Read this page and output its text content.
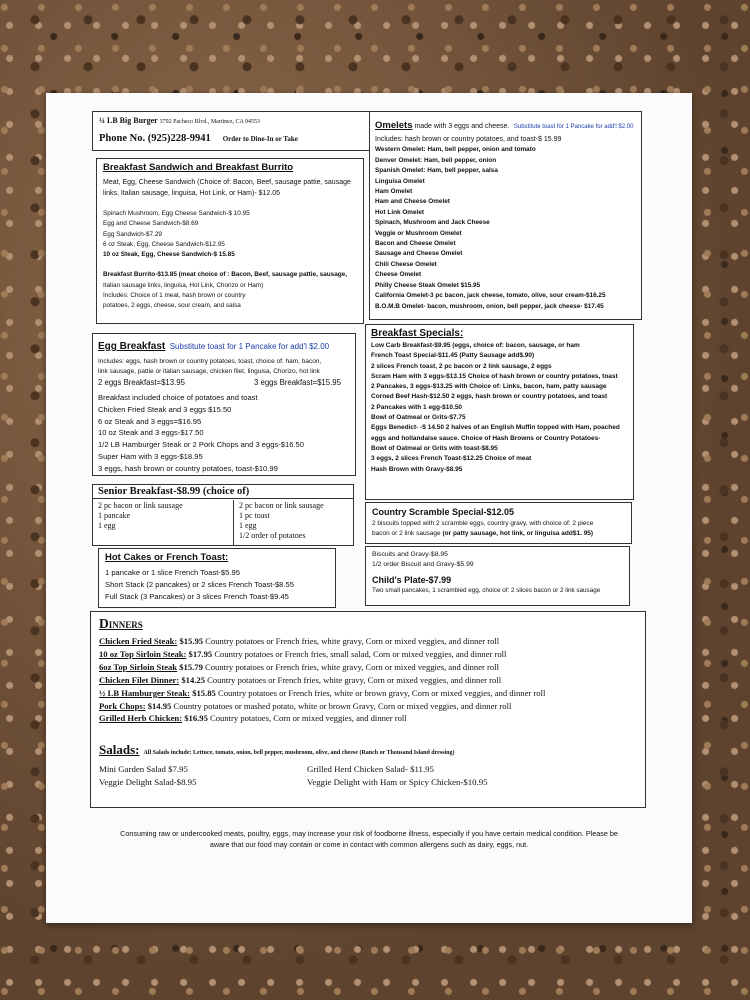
¼ LB Big Burger 3792 Pacheco Blvd., Martinez, CA 94553
Phone No. (925)228-9941 Order to Dine-In or Take
Omelets made with 3 eggs and cheese. Substitute toast for 1 Pancake for add'l $2.00
Includes: hash brown or country potatoes, and toast-$ 15.99
Western Omelet: Ham, bell pepper, onion and tomato
Denver Omelet: Ham, bell pepper, onion
Spanish Omelet: Ham, bell pepper, salsa
Linguisa Omelet
Ham Omelet
Ham and Cheese Omelet
Hot Link Omelet
Spinach, Mushroom and Jack Cheese
Veggie or Mushroom Omelet
Bacon and Cheese Omelet
Sausage and Cheese Omelet
Chili Cheese Omelet
Cheese Omelet
Philly Cheese Steak Omelet $15.95
California Omelet-3 pc bacon, jack cheese, tomato, olive, sour cream-$16.25
B.O.M.B Omelet- bacon, mushroom, onion, bell pepper, jack cheese- $17.45
Breakfast Sandwich and Breakfast Burrito
Meat, Egg, Cheese Sandwich (Choice of: Bacon, Beef, sausage pattie, sausage
links, Italian sausage, linguisa, Hot Link, or Ham)- $12.05

Spinach Mushroom, Egg Cheese Sandwich-$ 10.95
Egg and Cheese Sandwich-$8.69
Egg Sandwich-$7.29
6 oz Steak, Egg, Cheese Sandwich-$12.95
10 oz Steak, Egg, Cheese Sandwich-$ 15.85

Breakfast Burrito-$13.85 (meat choice of : Bacon, Beef, sausage pattie, sausage,
Italian sausage links, linguisa, Hot Link, Chorizo or Ham)
Includes: Choice of 1 meat, hash brown or country
potatoes, 2 eggs, cheese, sour cream, and salsa
Egg Breakfast Substitute toast for 1 Pancake for add'l $2.00
Includes: eggs, hash brown or country potatoes, toast, choice of: ham, bacon,
link sausage, pattie or italian sausage, chicken filet, linguisa, Chorizo, hot link
2 eggs Breakfast=$13.95	3 eggs Breakfast=$15.95
Breakfast included choice of potatoes and toast
Chicken Fried Steak and 3 eggs $15.50
6 oz Steak and 3 eggs=$16.95
10 oz Steak and 3 eggs-$17.50
1/2 LB Hamburger Steak or 2 Pork Chops and 3 eggs-$16.50
Super Ham with 3 eggs-$18.95
3 eggs, hash brown or country potatoes, toast-$10.99
Breakfast Specials:
Low Carb Breakfast-$9.95 (eggs, choice of: bacon, sausage, or ham
French Toast Special-$11.45 (Patty Sausage add$.90)
2 slices French toast, 2 pc bacon or 2 link sausage, 2 eggs
Scram Ham with 3 eggs-$13.15 Choice of hash brown or country potatoes, toast
2 Pancakes, 3 eggs-$13.25 with Choice of: Links, bacon, ham, patty sausage
Corned Beef Hash-$12.50 2 eggs, hash brown or country potatoes, and toast
2 Pancakes with 1 egg-$10.50
Bowl of Oatmeal or Grits-$7.75
Eggs Benedict- -$ 14.50 2 halves of an English Muffin topped with Ham, poached
eggs and hollandaise sauce. Choice of Hash Browns or Country Potatoes-
Bowl of Oatmeal or Grits with toast-$8.95
3 eggs, 2 slices French Toast-$12.25 Choice of meat
Hash Brown with Gravy-$8.95
Senior Breakfast-$8.99 (choice of)
2 pc bacon or link sausage
1 pancake
1 egg
2 pc bacon or link sausage
1 pc toast
1 egg
1/2 order of potatoes
Country Scramble Special-$12.05
2 biscuits topped with 2 scramble eggs, country gravy, with choice of: 2 piece
bacon or 2 link sausage (or patty sausage, hot link, or linguisa add$1. 95)
Hot Cakes or French Toast:
1 pancake or 1 slice French Toast-$5.95
Short Stack (2 pancakes) or 2 slices French Toast-$8.55
Full Stack (3 Pancakes) or 3 slices French Toast-$9.45
Biscuits and Gravy-$8.95
1/2 order Biscuit and Gravy-$5.99
Child's Plate-$7.99
Two small pancakes, 1 scrambled egg, choice of: 2 slices bacon or 2 link sausage
Dinners
Chicken Fried Steak: $15.95 Country potatoes or French fries, white gravy, Corn or mixed veggies, and dinner roll
10 oz Top Sirloin Steak: $17.95 Country potatoes or French fries, small salad, Corn or mixed veggies, and dinner roll
6oz Top Sirloin Steak $15.79 Country potatoes or French fries, white gravy, Corn or mixed veggies, and dinner roll
Chicken Filet Dinner: $14.25 Country potatoes or French fries, white gravy, Corn or mixed veggies, and dinner roll
½ LB Hamburger Steak: $15.85 Country potatoes or French fries, white or brown gravy, Corn or mixed veggies, and dinner roll
Pork Chops: $14.95 Country potatoes or mashed potato, white or brown Gravy, Corn or mixed veggies, and dinner roll
Grilled Herb Chicken: $16.95 Country potatoes, Corn or mixed veggies, and dinner roll
Salads: All Salads include: Lettuce, tomato, onion, bell pepper, mushroom, olive, and cheese (Ranch or Thousand Island dressing)
Mini Garden Salad $7.95
Veggie Delight Salad-$8.95
Grilled Herd Chicken Salad- $11.95
Veggie Delight with Ham or Spicy Chicken-$10.95
Consuming raw or undercooked meats, poultry, eggs, may increase your risk of foodborne illness, especially if you have certain medical condition. Please be
aware that our food may contain or come in contact with common allergens such as dairy, eggs, nut.
